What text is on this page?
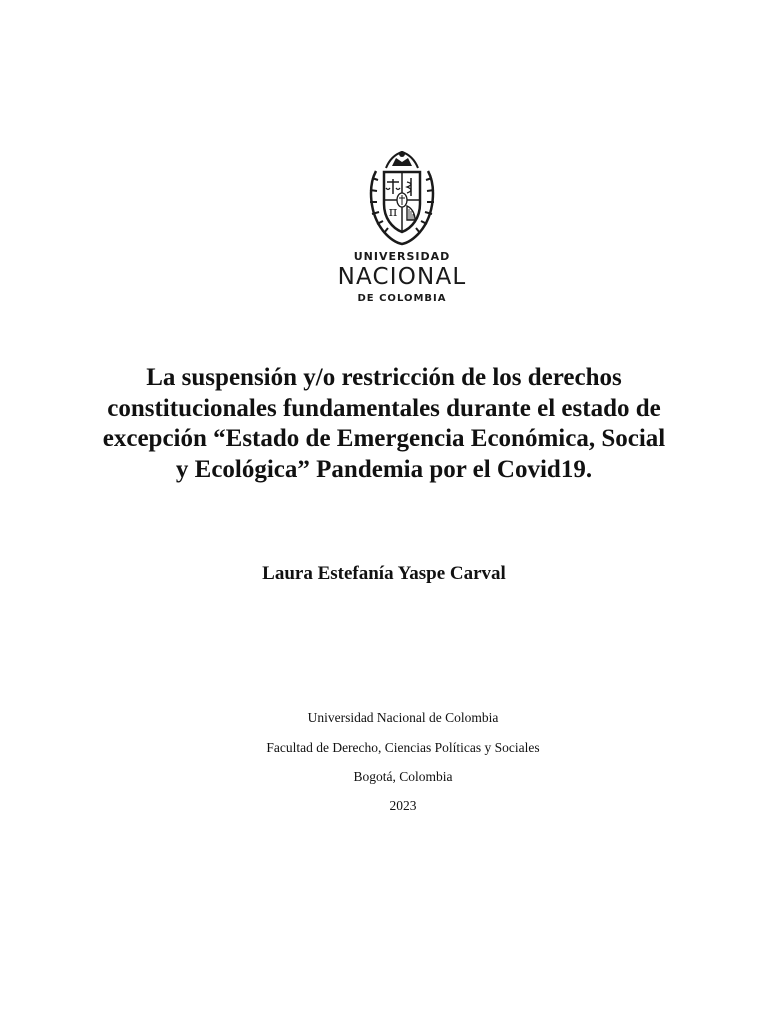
π
UNIVERSIDAD
NACIONAL
DE COLOMBIA
La suspensión y/o restricción de los derechos constitucionales fundamentales durante el estado de excepción “Estado de Emergencia Económica, Social y Ecológica” Pandemia por el Covid19.
Laura Estefanía Yaspe Carval
Universidad Nacional de Colombia
Facultad de Derecho, Ciencias Políticas y Sociales
Bogotá, Colombia
2023
